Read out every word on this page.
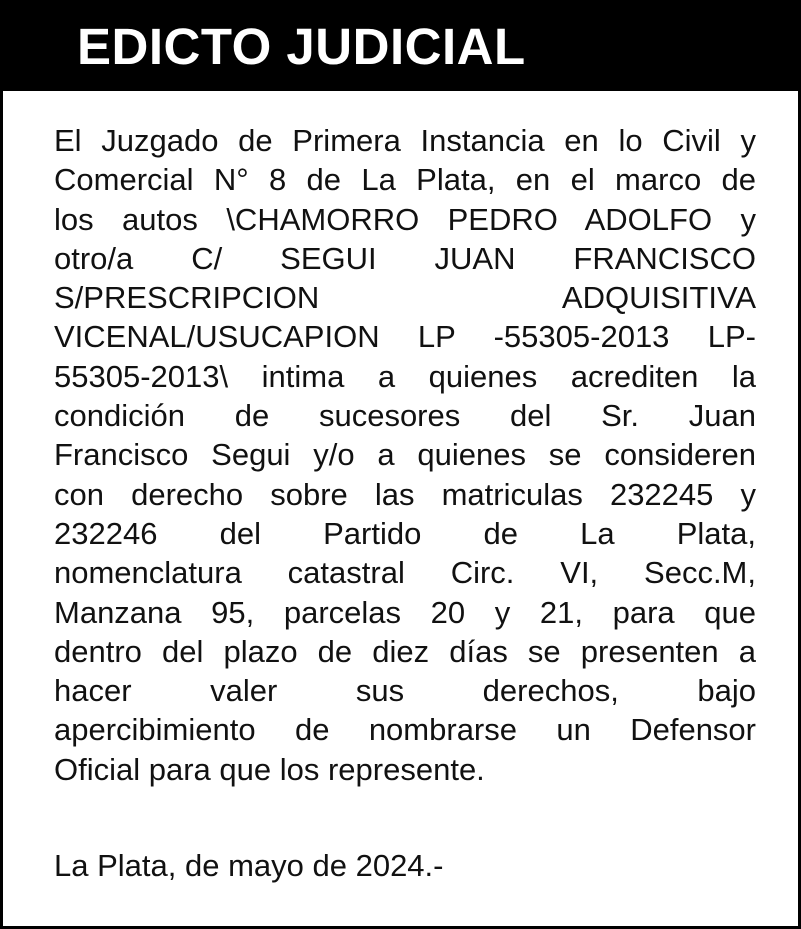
EDICTO JUDICIAL
El Juzgado de Primera Instancia en lo Civil y
Comercial N° 8 de La Plata, en el marco de
los autos \CHAMORRO PEDRO ADOLFO y
otro/a C/ SEGUI JUAN FRANCISCO
S/PRESCRIPCION ADQUISITIVA
VICENAL/USUCAPION LP -55305-2013 LP-
55305-2013\ intima a quienes acrediten la
condición de sucesores del Sr. Juan
Francisco Segui y/o a quienes se consideren
con derecho sobre las matriculas 232245 y
232246 del Partido de La Plata,
nomenclatura catastral Circ. VI, Secc.M,
Manzana 95, parcelas 20 y 21, para que
dentro del plazo de diez días se presenten a
hacer valer sus derechos, bajo
apercibimiento de nombrarse un Defensor
Oficial para que los represente.
La Plata, de mayo de 2024.-
